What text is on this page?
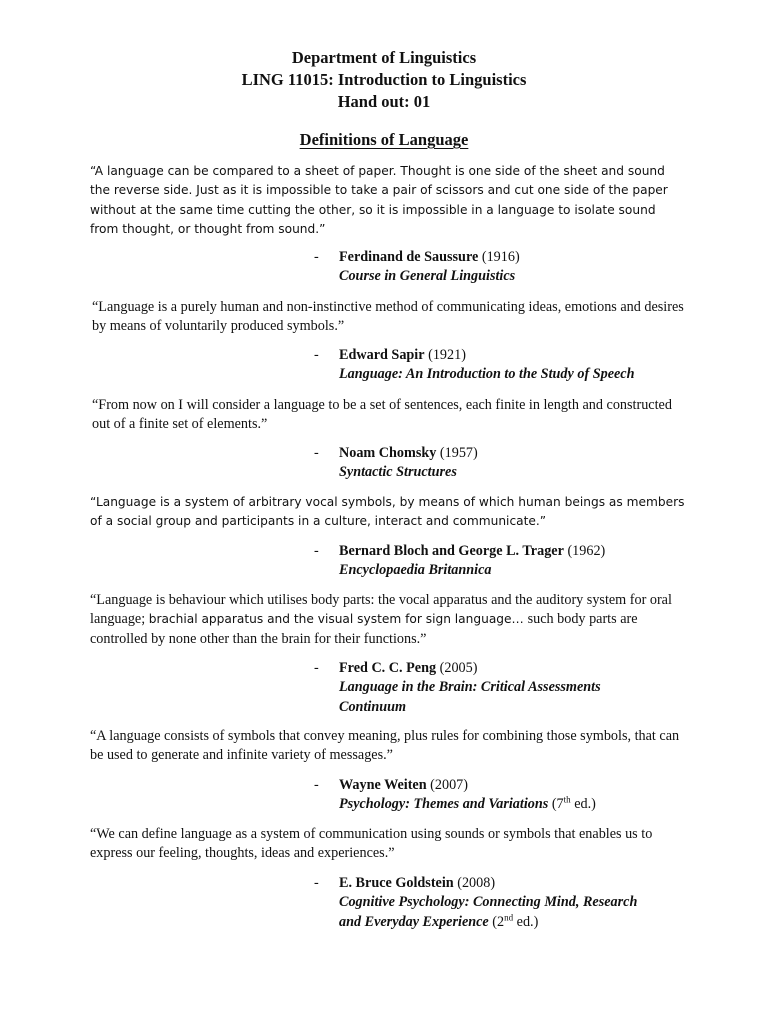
Department of Linguistics
LING 11015: Introduction to Linguistics
Hand out: 01
Definitions of Language
“A language can be compared to a sheet of paper. Thought is one side of the sheet and sound the reverse side. Just as it is impossible to take a pair of scissors and cut one side of the paper without at the same time cutting the other, so it is impossible in a language to isolate sound from thought, or thought from sound.”
- Ferdinand de Saussure (1916)
Course in General Linguistics
“Language is a purely human and non-instinctive method of communicating ideas, emotions and desires by means of voluntarily produced symbols.”
- Edward Sapir (1921)
Language: An Introduction to the Study of Speech
“From now on I will consider a language to be a set of sentences, each finite in length and constructed out of a finite set of elements.”
- Noam Chomsky (1957)
Syntactic Structures
“Language is a system of arbitrary vocal symbols, by means of which human beings as members of a social group and participants in a culture, interact and communicate.”
- Bernard Bloch and George L. Trager (1962)
Encyclopaedia Britannica
“Language is behaviour which utilises body parts: the vocal apparatus and the auditory system for oral language; brachial apparatus and the visual system for sign language… such body parts are controlled by none other than the brain for their functions.”
- Fred C. C. Peng (2005)
Language in the Brain: Critical Assessments
Continuum
“A language consists of symbols that convey meaning, plus rules for combining those symbols, that can be used to generate and infinite variety of messages.”
- Wayne Weiten (2007)
Psychology: Themes and Variations (7th ed.)
“We can define language as a system of communication using sounds or symbols that enables us to express our feeling, thoughts, ideas and experiences.”
- E. Bruce Goldstein (2008)
Cognitive Psychology: Connecting Mind, Research
and Everyday Experience (2nd ed.)
